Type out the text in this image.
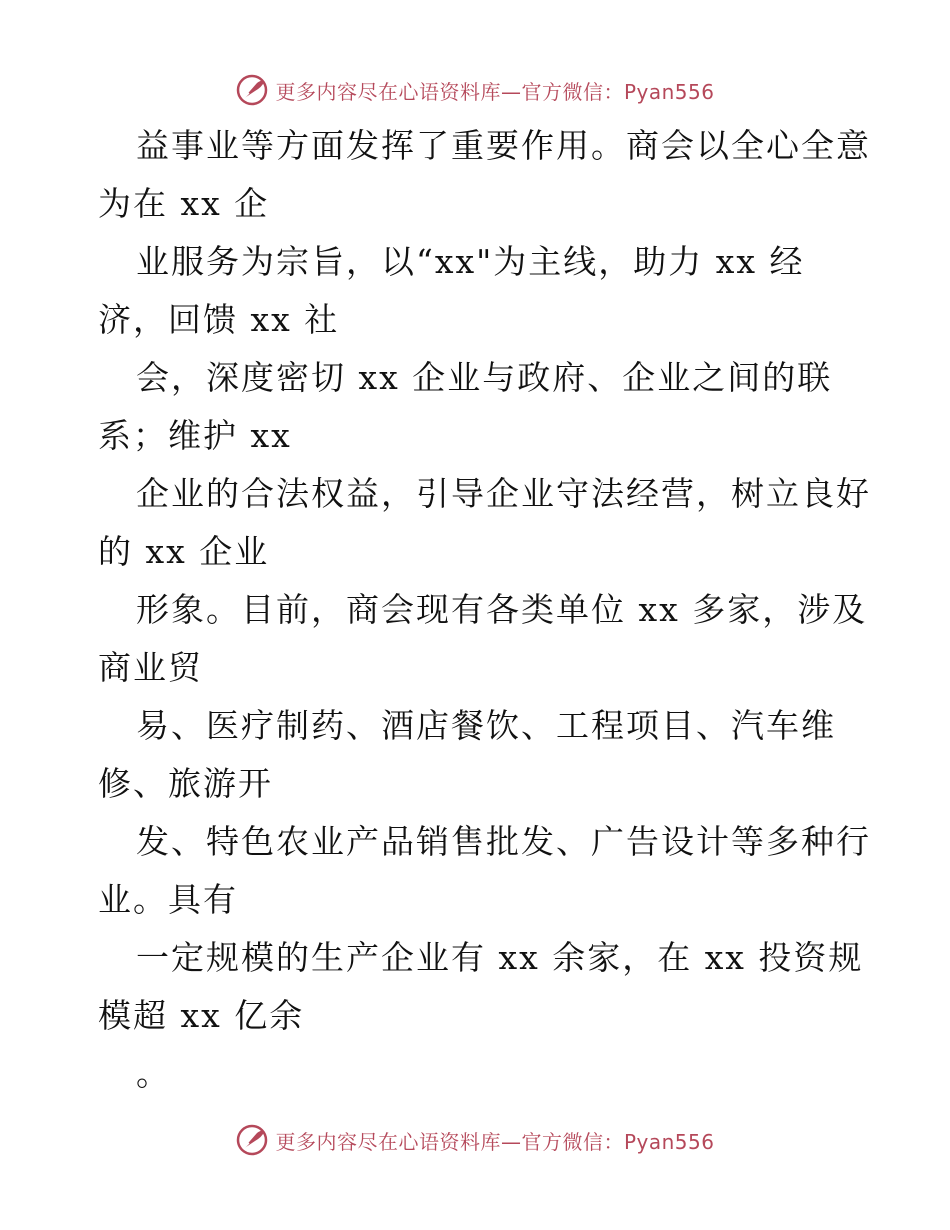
更多内容尽在心语资料库—官方微信：Pyan556
益事业等方面发挥了重要作用。商会以全心全意
为在 xx 企
业服务为宗旨，以“xx"为主线，助力 xx 经
济，回馈 xx 社
会，深度密切 xx 企业与政府、企业之间的联
系；维护 xx
企业的合法权益，引导企业守法经营，树立良好
的 xx 企业
形象。目前，商会现有各类单位 xx 多家，涉及
商业贸
易、医疗制药、酒店餐饮、工程项目、汽车维
修、旅游开
发、特色农业产品销售批发、广告设计等多种行
业。具有
一定规模的生产企业有 xx 余家，在 xx 投资规
模超 xx 亿余
。
更多内容尽在心语资料库—官方微信：Pyan556
